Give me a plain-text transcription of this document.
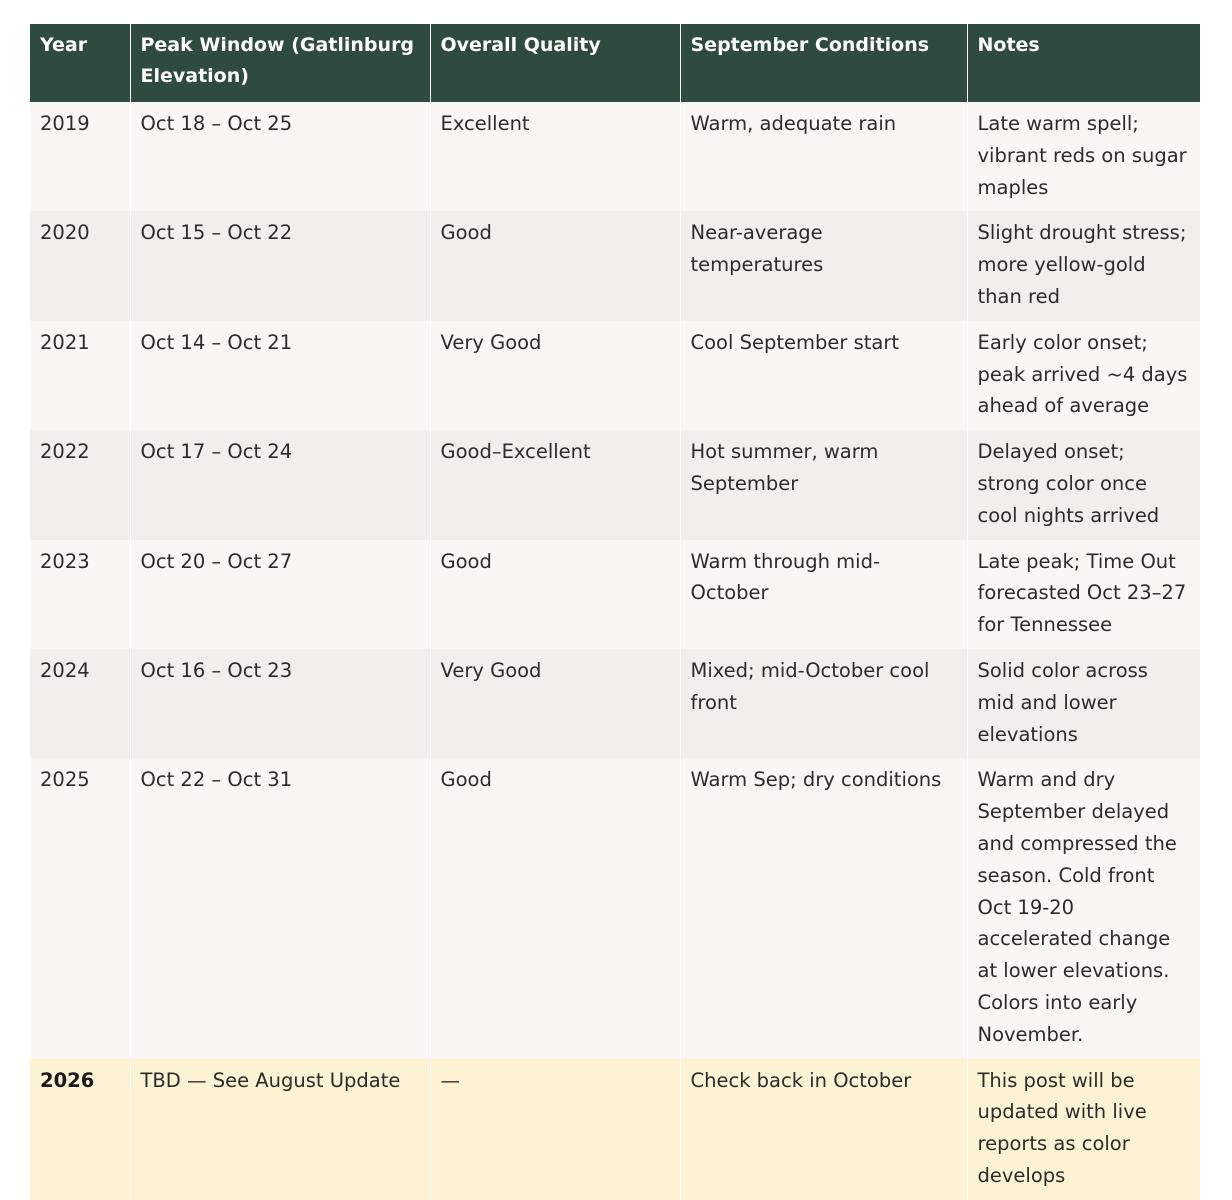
Year	Peak Window (Gatlinburg Elevation)	Overall Quality	September Conditions	Notes
2019	Oct 18 – Oct 25	Excellent	Warm, adequate rain	Late warm spell; vibrant reds on sugar maples
2020	Oct 15 – Oct 22	Good	Near-average temperatures	Slight drought stress; more yellow-gold than red
2021	Oct 14 – Oct 21	Very Good	Cool September start	Early color onset; peak arrived ~4 days ahead of average
2022	Oct 17 – Oct 24	Good–Excellent	Hot summer, warm September	Delayed onset; strong color once cool nights arrived
2023	Oct 20 – Oct 27	Good	Warm through mid-October	Late peak; Time Out forecasted Oct 23–27 for Tennessee
2024	Oct 16 – Oct 23	Very Good	Mixed; mid-October cool front	Solid color across mid and lower elevations
2025	Oct 22 – Oct 31	Good	Warm Sep; dry conditions	Warm and dry September delayed and compressed the season. Cold front Oct 19-20 accelerated change at lower elevations. Colors into early November.
2026	TBD — See August Update	—	Check back in October	This post will be updated with live reports as color develops
